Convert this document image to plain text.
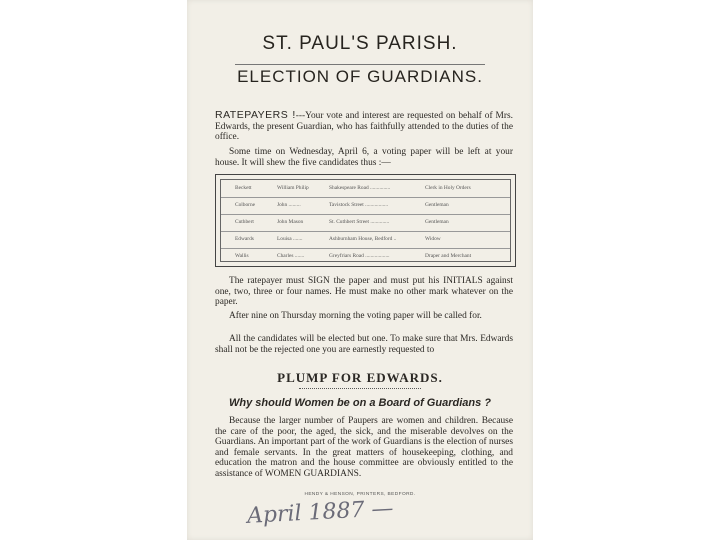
ST. PAUL'S PARISH.
ELECTION OF GUARDIANS.
RATEPAYERS !---Your vote and interest are requested on behalf of Mrs. Edwards, the present Guardian, who has faithfully attended to the duties of the office.
Some time on Wednesday, April 6, a voting paper will be left at your house. It will shew the five candidates thus :—
Beckett	William Philip	Shakespeare Road ...............	Clerk in Holy Orders
Colborne	John .........	Tavistock Street .................	Gentleman
Cuthbert	John Mason	St. Cuthbert Street ..............	Gentleman
Edwards	Louisa .......	Ashburnham House, Bedford ..	Widow
Wallis	Charles .......	Greyfriars Road ..................	Draper and Merchant
The ratepayer must SIGN the paper and must put his INITIALS against one, two, three or four names. He must make no other mark whatever on the paper.
After nine on Thursday morning the voting paper will be called for.
All the candidates will be elected but one. To make sure that Mrs. Edwards shall not be the rejected one you are earnestly requested to
PLUMP FOR EDWARDS.
Why should Women be on a Board of Guardians ?
Because the larger number of Paupers are women and children. Because the care of the poor, the aged, the sick, and the miserable devolves on the Guardians. An important part of the work of Guardians is the election of nurses and female servants. In the great matters of housekeeping, clothing, and education the matron and the house committee are obviously entitled to the assistance of WOMEN GUARDIANS.
HENDY & HENSON, PRINTERS, BEDFORD.
April 1887 —
